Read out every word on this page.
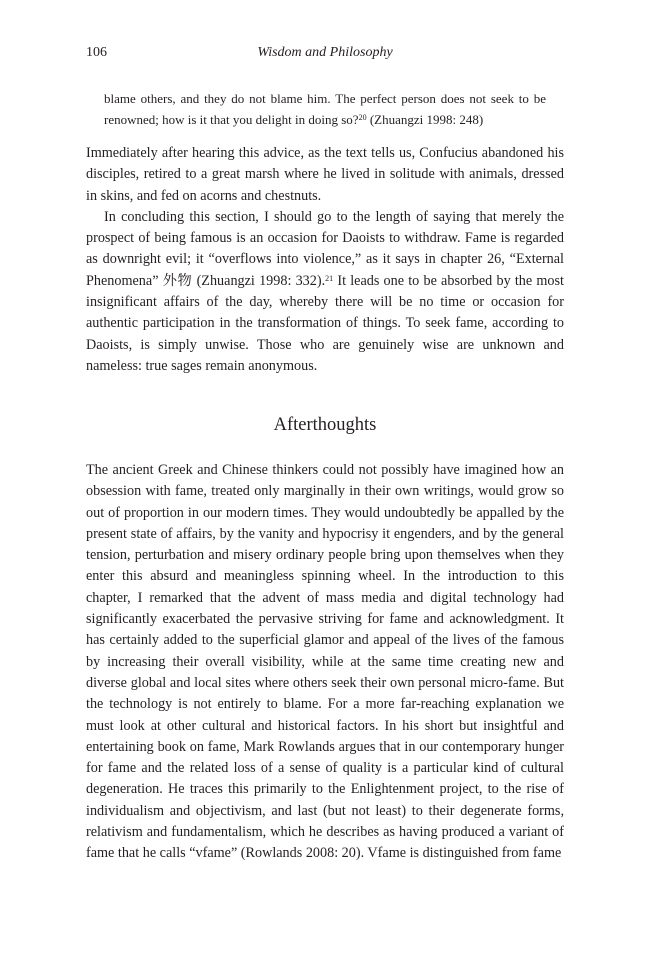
106	Wisdom and Philosophy

blame others, and they do not blame him. The perfect person does not seek to be renowned; how is it that you delight in doing so?$^{20}$ (Zhuangzi 1998: 248)

Immediately after hearing this advice, as the text tells us, Confucius abandoned his disciples, retired to a great marsh where he lived in solitude with animals, dressed in skins, and fed on acorns and chestnuts.

In concluding this section, I should go to the length of saying that merely the prospect of being famous is an occasion for Daoists to withdraw. Fame is regarded as downright evil; it “overflows into violence,” as it says in chapter 26, “External Phenomena” 外物 (Zhuangzi 1998: 332).$^{21}$ It leads one to be absorbed by the most insignificant affairs of the day, whereby there will be no time or occasion for authentic participation in the transformation of things. To seek fame, according to Daoists, is simply unwise. Those who are genuinely wise are unknown and nameless: true sages remain anonymous.

Afterthoughts

The ancient Greek and Chinese thinkers could not possibly have imagined how an obsession with fame, treated only marginally in their own writings, would grow so out of proportion in our modern times. They would undoubtedly be appalled by the present state of affairs, by the vanity and hypocrisy it engenders, and by the general tension, perturbation and misery ordinary people bring upon themselves when they enter this absurd and meaningless spinning wheel. In the introduction to this chapter, I remarked that the advent of mass media and digital technology had significantly exacerbated the pervasive striving for fame and acknowledgment. It has certainly added to the superficial glamor and appeal of the lives of the famous by increasing their overall visibility, while at the same time creating new and diverse global and local sites where others seek their own personal micro-fame. But the technology is not entirely to blame. For a more far-reaching explanation we must look at other cultural and historical factors. In his short but insightful and entertaining book on fame, Mark Rowlands argues that in our contemporary hunger for fame and the related loss of a sense of quality is a particular kind of cultural degeneration. He traces this primarily to the Enlightenment project, to the rise of individualism and objectivism, and last (but not least) to their degenerate forms, relativism and fundamentalism, which he describes as having produced a variant of fame that he calls “vfame” (Rowlands 2008: 20). Vfame is distinguished from fame
